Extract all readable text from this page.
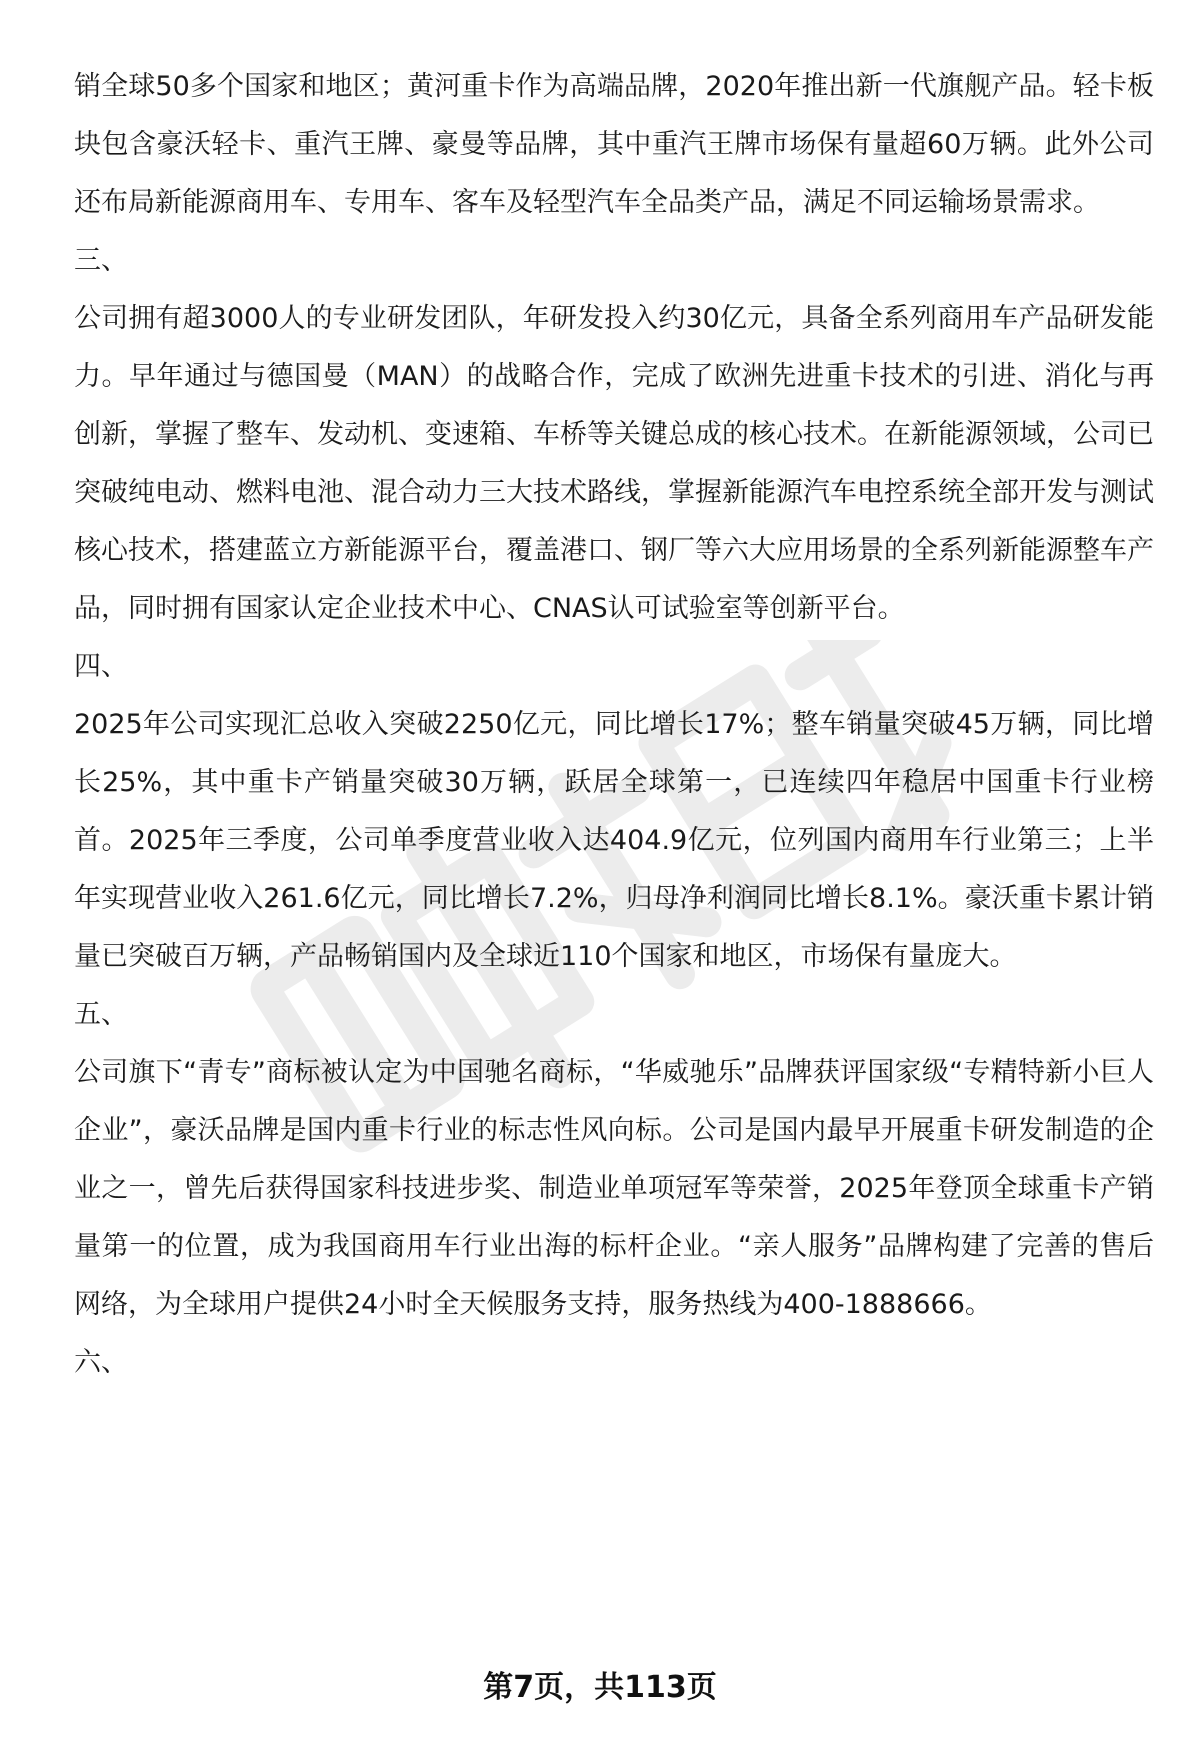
销全球50多个国家和地区；黄河重卡作为高端品牌，2020年推出新一代旗舰产品。轻卡板块包含豪沃轻卡、重汽王牌、豪曼等品牌，其中重汽王牌市场保有量超60万辆。此外公司还布局新能源商用车、专用车、客车及轻型汽车全品类产品，满足不同运输场景需求。

三、

公司拥有超3000人的专业研发团队，年研发投入约30亿元，具备全系列商用车产品研发能力。早年通过与德国曼（MAN）的战略合作，完成了欧洲先进重卡技术的引进、消化与再创新，掌握了整车、发动机、变速箱、车桥等关键总成的核心技术。在新能源领域，公司已突破纯电动、燃料电池、混合动力三大技术路线，掌握新能源汽车电控系统全部开发与测试核心技术，搭建蓝立方新能源平台，覆盖港口、钢厂等六大应用场景的全系列新能源整车产品，同时拥有国家认定企业技术中心、CNAS认可试验室等创新平台。

四、

2025年公司实现汇总收入突破2250亿元，同比增长17%；整车销量突破45万辆，同比增长25%，其中重卡产销量突破30万辆，跃居全球第一，已连续四年稳居中国重卡行业榜首。2025年三季度，公司单季度营业收入达404.9亿元，位列国内商用车行业第三；上半年实现营业收入261.6亿元，同比增长7.2%，归母净利润同比增长8.1%。豪沃重卡累计销量已突破百万辆，产品畅销国内及全球近110个国家和地区，市场保有量庞大。

五、

公司旗下“青专”商标被认定为中国驰名商标，“华威驰乐”品牌获评国家级“专精特新小巨人企业”，豪沃品牌是国内重卡行业的标志性风向标。公司是国内最早开展重卡研发制造的企业之一，曾先后获得国家科技进步奖、制造业单项冠军等荣誉，2025年登顶全球重卡产销量第一的位置，成为我国商用车行业出海的标杆企业。“亲人服务”品牌构建了完善的售后网络，为全球用户提供24小时全天候服务支持，服务热线为400-1888666。

六、

第7页，共113页
